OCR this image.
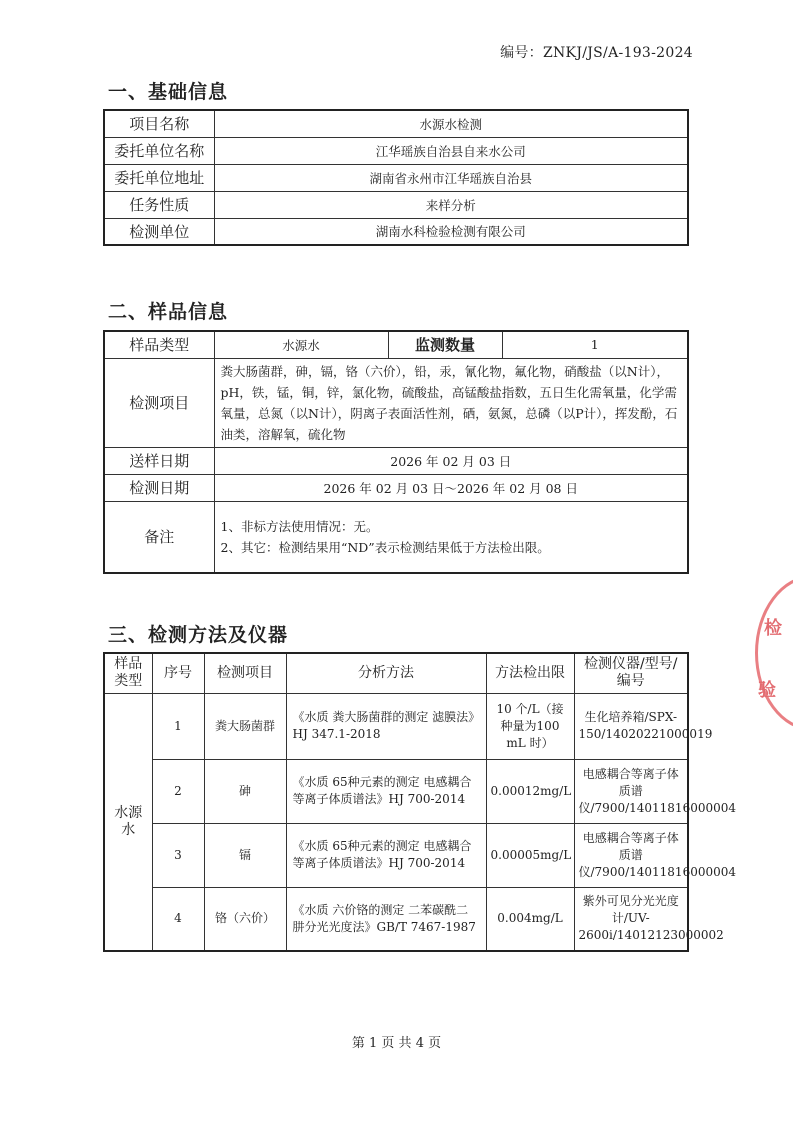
编号：ZNKJ/JS/A-193-2024
一、基础信息
项目名称	水源水检测
委托单位名称	江华瑶族自治县自来水公司
委托单位地址	湖南省永州市江华瑶族自治县
任务性质	来样分析
检测单位	湖南水科检验检测有限公司
二、样品信息
样品类型	水源水	监测数量	1
检测项目	粪大肠菌群，砷，镉，铬（六价），铅，汞，氰化物，氟化物，硝酸盐（以N计），pH，铁，锰，铜，锌，氯化物，硫酸盐，高锰酸盐指数，五日生化需氧量，化学需氧量，总氮（以N计），阴离子表面活性剂，硒，氨氮，总磷（以P计），挥发酚，石油类，溶解氧，硫化物		
送样日期	2026 年 02 月 03 日		
检测日期	2026 年 02 月 03 日～2026 年 02 月 08 日		
备注	1、非标方法使用情况：无。
2、其它：检测结果用“ND”表示检测结果低于方法检出限。		
三、检测方法及仪器
样品类型	序号	检测项目	分析方法	方法检出限	检测仪器/型号/编号
水源水	1	粪大肠菌群	《水质 粪大肠菌群的测定 滤膜法》HJ 347.1-2018	10 个/L（接种量为100 mL 时）	生化培养箱/SPX-150/14020221000019
	2	砷	《水质 65种元素的测定 电感耦合等离子体质谱法》HJ 700-2014	0.00012mg/L	电感耦合等离子体质谱仪/7900/14011816000004
	3	镉	《水质 65种元素的测定 电感耦合等离子体质谱法》HJ 700-2014	0.00005mg/L	电感耦合等离子体质谱仪/7900/14011816000004
	4	铬（六价）	《水质 六价铬的测定 二苯碳酰二肼分光光度法》GB/T 7467-1987	0.004mg/L	紫外可见分光光度计/UV-2600i/14012123000002
第 1 页 共 4 页
检
验
